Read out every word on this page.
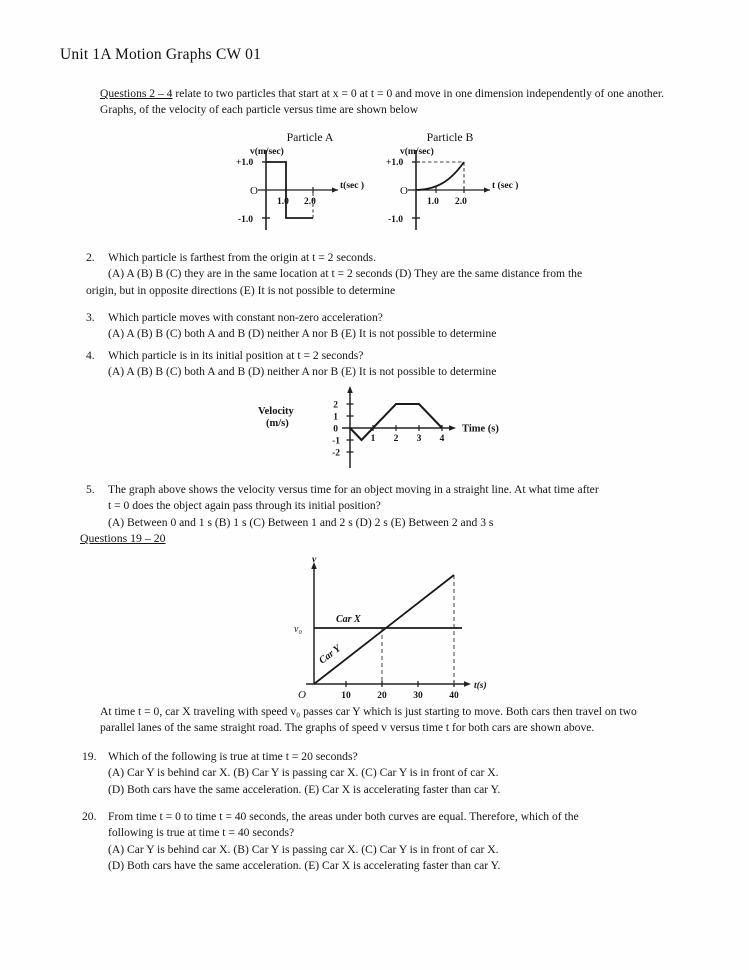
Unit 1A Motion Graphs CW 01
Questions 2 – 4 relate to two particles that start at x = 0 at t = 0 and move in one dimension independently of one another. Graphs, of the velocity of each particle versus time are shown below
Particle A
+1.0
-1.0
O
1.0 2.0
t(sec )
v(m/sec)
Particle B
+1.0
-1.0
O
1.0 2.0
t (sec )
v(m/sec)
2.	Which particle is farthest from the origin at t = 2 seconds.
(A) A (B) B (C) they are in the same location at t = 2 seconds (D) They are the same distance from the
origin, but in opposite directions (E) It is not possible to determine
3.	Which particle moves with constant non-zero acceleration?
(A) A (B) B (C) both A and B (D) neither A nor B (E) It is not possible to determine
4.	Which particle is in its initial position at t = 2 seconds?
(A) A (B) B (C) both A and B (D) neither A nor B (E) It is not possible to determine
2
1
0
-1
-2
1 2 3 4
Velocity
(m/s)	Time (s)
5.	The graph above shows the velocity versus time for an object moving in a straight line. At what time after
t = 0 does the object again pass through its initial position?
(A) Between 0 and 1 s (B) 1 s (C) Between 1 and 2 s (D) 2 s (E) Between 2 and 3 s
Questions 19 – 20
v
v₀
O	10	20	30	40
t(s)
Car X
Car Y
At time t = 0, car X traveling with speed v₀ passes car Y which is just starting to move. Both cars then travel on two parallel lanes of the same straight road. The graphs of speed v versus time t for both cars are shown above.
19. Which of the following is true at time t = 20 seconds?
(A) Car Y is behind car X. (B) Car Y is passing car X. (C) Car Y is in front of car X.
(D) Both cars have the same acceleration. (E) Car X is accelerating faster than car Y.
20. From time t = 0 to time t = 40 seconds, the areas under both curves are equal. Therefore, which of the
following is true at time t = 40 seconds?
(A) Car Y is behind car X. (B) Car Y is passing car X. (C) Car Y is in front of car X.
(D) Both cars have the same acceleration. (E) Car X is accelerating faster than car Y.
